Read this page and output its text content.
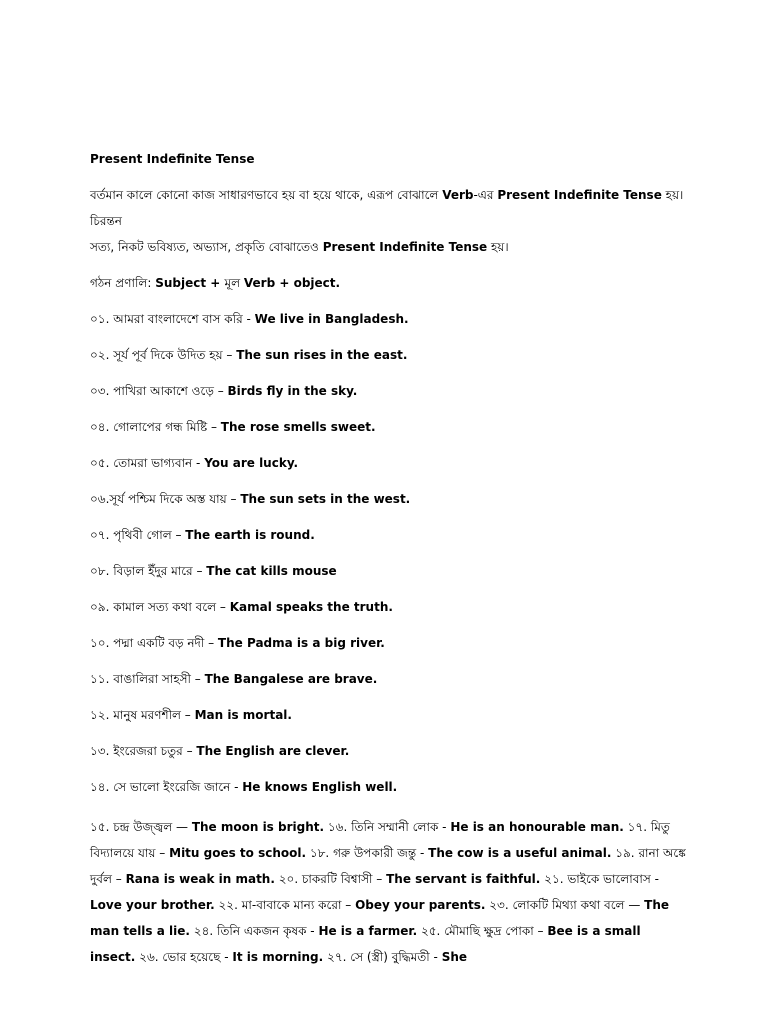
Present Indefinite Tense

বর্তমান কালে কোনো কাজ সাধারণভাবে হয় বা হয়ে থাকে, এরূপ বোঝালে Verb-এর Present Indefinite Tense হয়। চিরন্তন
সত্য, নিকট ভবিষ্যত, অভ্যাস, প্রকৃতি বোঝাতেও Present Indefinite Tense হয়।

গঠন প্রণালি: Subject + মূল Verb + object.

০১. আমরা বাংলাদেশে বাস করি - We live in Bangladesh.

০২. সূর্য পূর্ব দিকে উদিত হয় – The sun rises in the east.

০৩. পাখিরা আকাশে ওড়ে – Birds fly in the sky.

০৪. গোলাপের গন্ধ মিষ্টি – The rose smells sweet.

০৫. তোমরা ভাগ্যবান - You are lucky.

০৬.সূর্য পশ্চিম দিকে অস্ত যায় – The sun sets in the west.

০৭. পৃথিবী গোল – The earth is round.

০৮. বিড়াল ইঁদুর মারে – The cat kills mouse

০৯. কামাল সত্য কথা বলে – Kamal speaks the truth.

১০. পদ্মা একটি বড় নদী – The Padma is a big river.

১১. বাঙালিরা সাহসী – The Bangalese are brave.

১২. মানুষ মরণশীল – Man is mortal.

১৩. ইংরেজরা চতুর – The English are clever.

১৪. সে ভালো ইংরেজি জানে - He knows English well.

১৫. চন্দ্র উজ্জ্বল — The moon is bright. ১৬. তিনি সম্মানী লোক - He is an honourable man. ১৭. মিতু বিদ্যালয়ে যায় – Mitu goes to school. ১৮. গরু উপকারী জন্তু - The cow is a useful animal. ১৯. রানা অঙ্কে দুর্বল – Rana is weak in math. ২০. চাকরটি বিশ্বাসী – The servant is faithful. ২১. ভাইকে ভালোবাস - Love your brother. ২২. মা-বাবাকে মান্য করো – Obey your parents. ২৩. লোকটি মিথ্যা কথা বলে — The man tells a lie. ২৪. তিনি একজন কৃষক - He is a farmer. ২৫. মৌমাছি ক্ষুদ্র পোকা – Bee is a small insect. ২৬. ভোর হয়েছে - It is morning. ২৭. সে (স্ত্রী) বুদ্ধিমতী - She
